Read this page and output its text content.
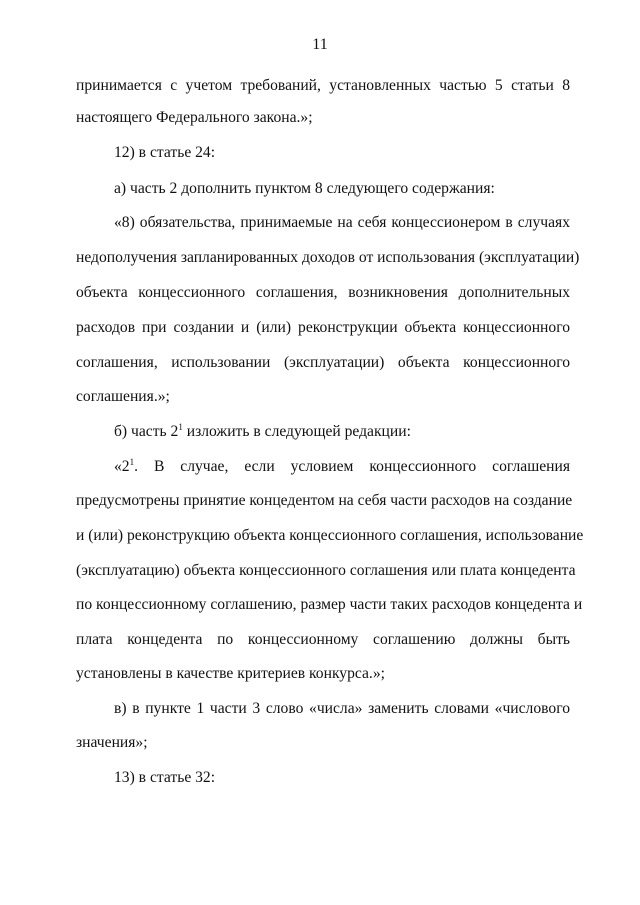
11
принимается с учетом требований, установленных частью 5 статьи 8
настоящего Федерального закона.»;
12) в статье 24:
а) часть 2 дополнить пунктом 8 следующего содержания:
«8) обязательства, принимаемые на себя концессионером в случаях
недополучения запланированных доходов от использования (эксплуатации)
объекта концессионного соглашения, возникновения дополнительных
расходов при создании и (или) реконструкции объекта концессионного
соглашения, использовании (эксплуатации) объекта концессионного
соглашения.»;
б) часть $2^1$ изложить в следующей редакции:
«$2^1$. В случае, если условием концессионного соглашения
предусмотрены принятие концедентом на себя части расходов на создание
и (или) реконструкцию объекта концессионного соглашения, использование
(эксплуатацию) объекта концессионного соглашения или плата концедента
по концессионному соглашению, размер части таких расходов концедента и
плата концедента по концессионному соглашению должны быть
установлены в качестве критериев конкурса.»;
в) в пункте 1 части 3 слово «числа» заменить словами «числового
значения»;
13) в статье 32:
